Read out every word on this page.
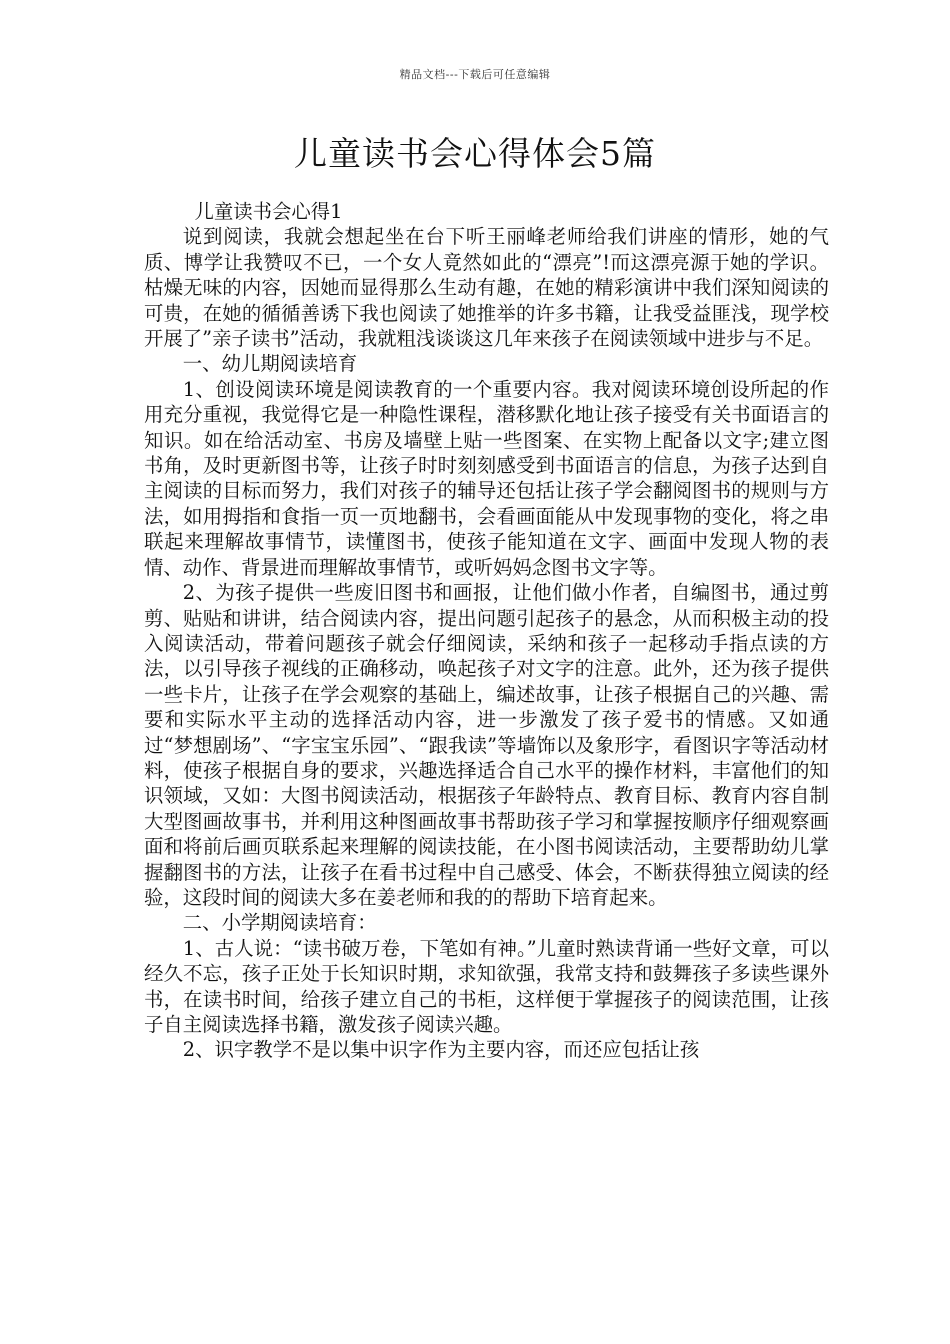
精品文档---下载后可任意编辑
儿童读书会心得体会5篇

儿童读书会心得1

说到阅读，我就会想起坐在台下听王丽峰老师给我们讲座的情形，她的气质、博学让我赞叹不已，一个女人竟然如此的“漂亮”!而这漂亮源于她的学识。枯燥无味的内容，因她而显得那么生动有趣，在她的精彩演讲中我们深知阅读的可贵，在她的循循善诱下我也阅读了她推举的许多书籍，让我受益匪浅，现学校开展了”亲子读书”活动，我就粗浅谈谈这几年来孩子在阅读领域中进步与不足。

一、幼儿期阅读培育

1、创设阅读环境是阅读教育的一个重要内容。我对阅读环境创设所起的作用充分重视，我觉得它是一种隐性课程，潜移默化地让孩子接受有关书面语言的知识。如在给活动室、书房及墙壁上贴一些图案、在实物上配备以文字;建立图书角，及时更新图书等，让孩子时时刻刻感受到书面语言的信息，为孩子达到自主阅读的目标而努力，我们对孩子的辅导还包括让孩子学会翻阅图书的规则与方法，如用拇指和食指一页一页地翻书，会看画面能从中发现事物的变化，将之串联起来理解故事情节，读懂图书，使孩子能知道在文字、画面中发现人物的表情、动作、背景进而理解故事情节，或听妈妈念图书文字等。

2、为孩子提供一些废旧图书和画报，让他们做小作者，自编图书，通过剪剪、贴贴和讲讲，结合阅读内容，提出问题引起孩子的悬念，从而积极主动的投入阅读活动，带着问题孩子就会仔细阅读，采纳和孩子一起移动手指点读的方法，以引导孩子视线的正确移动，唤起孩子对文字的注意。此外，还为孩子提供一些卡片，让孩子在学会观察的基础上，编述故事，让孩子根据自己的兴趣、需要和实际水平主动的选择活动内容，进一步激发了孩子爱书的情感。又如通过“梦想剧场”、“字宝宝乐园”、“跟我读”等墙饰以及象形字，看图识字等活动材料，使孩子根据自身的要求，兴趣选择适合自己水平的操作材料，丰富他们的知识领域，又如：大图书阅读活动，根据孩子年龄特点、教育目标、教育内容自制大型图画故事书，并利用这种图画故事书帮助孩子学习和掌握按顺序仔细观察画面和将前后画页联系起来理解的阅读技能，在小图书阅读活动，主要帮助幼儿掌握翻图书的方法，让孩子在看书过程中自己感受、体会，不断获得独立阅读的经验，这段时间的阅读大多在姜老师和我的的帮助下培育起来。

二、小学期阅读培育：

1、古人说：“读书破万卷，下笔如有神。”儿童时熟读背诵一些好文章，可以经久不忘，孩子正处于长知识时期，求知欲强，我常支持和鼓舞孩子多读些课外书，在读书时间，给孩子建立自己的书柜，这样便于掌握孩子的阅读范围，让孩子自主阅读选择书籍，激发孩子阅读兴趣。

2、识字教学不是以集中识字作为主要内容，而还应包括让孩
